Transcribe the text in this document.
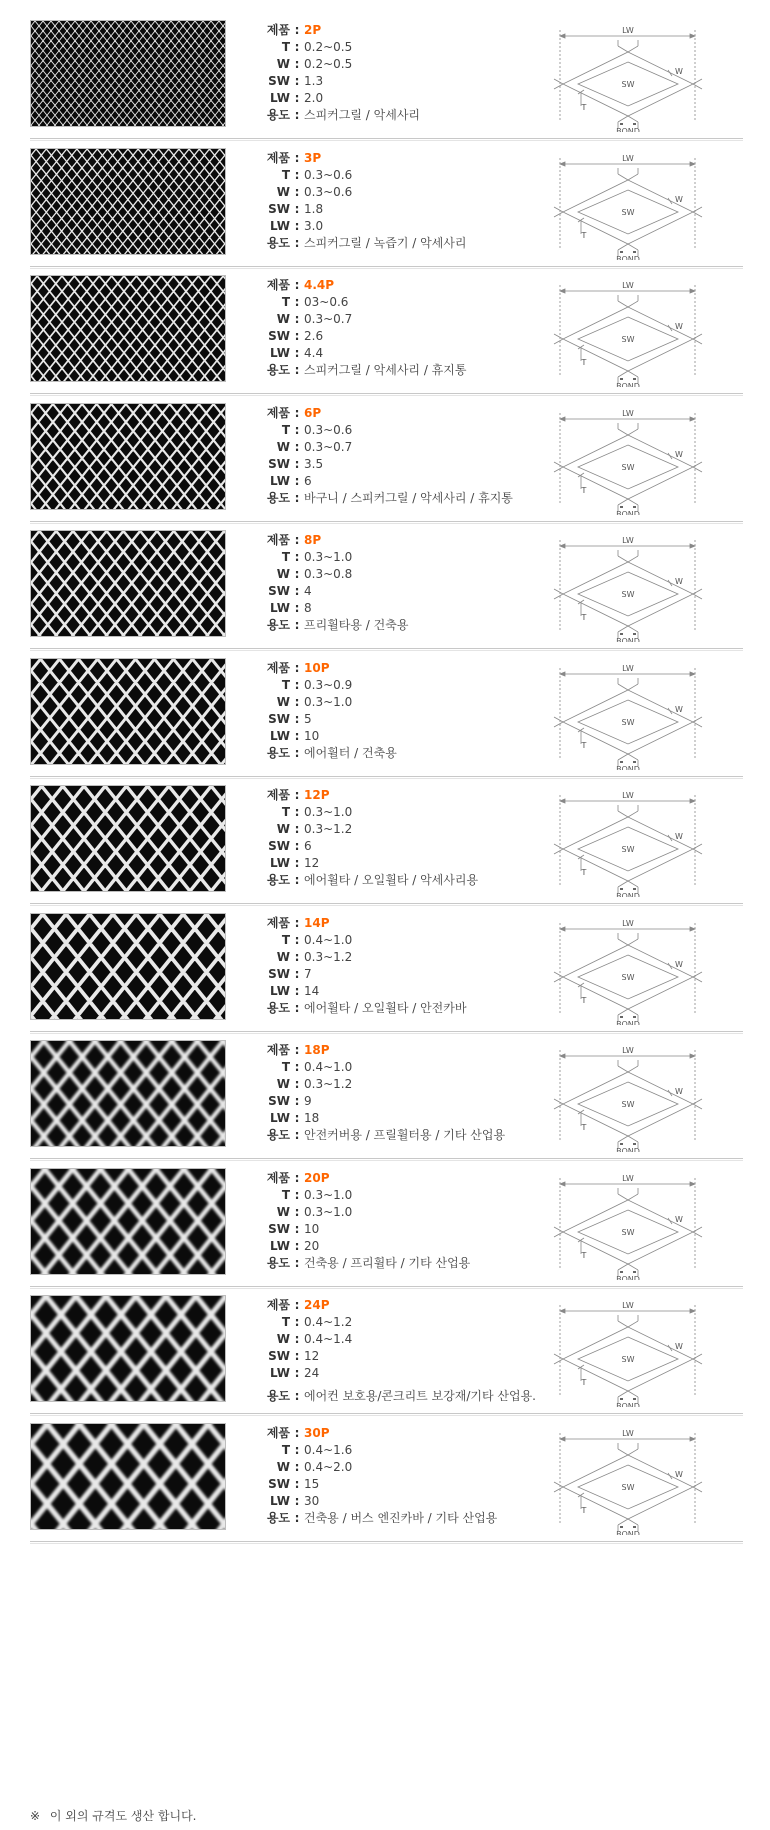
제품 : 2P
T : 0.2~0.5
W : 0.2~0.5
SW : 1.3
LW : 2.0
용도 : 스피커그릴 / 악세사리
LW
W
SW
T
BOND
제품 : 3P
T : 0.3~0.6
W : 0.3~0.6
SW : 1.8
LW : 3.0
용도 : 스피커그릴 / 녹즙기 / 악세사리
LW
W
SW
T
BOND
제품 : 4.4P
T : 03~0.6
W : 0.3~0.7
SW : 2.6
LW : 4.4
용도 : 스피커그릴 / 악세사리 / 휴지통
LW
W
SW
T
BOND
제품 : 6P
T : 0.3~0.6
W : 0.3~0.7
SW : 3.5
LW : 6
용도 : 바구니 / 스피커그릴 / 악세사리 / 휴지통
LW
W
SW
T
BOND
제품 : 8P
T : 0.3~1.0
W : 0.3~0.8
SW : 4
LW : 8
용도 : 프리휠타용 / 건축용
LW
W
SW
T
BOND
제품 : 10P
T : 0.3~0.9
W : 0.3~1.0
SW : 5
LW : 10
용도 : 에어휠터 / 건축용
LW
W
SW
T
BOND
제품 : 12P
T : 0.3~1.0
W : 0.3~1.2
SW : 6
LW : 12
용도 : 에어휠타 / 오일휠타 / 악세사리용
LW
W
SW
T
BOND
제품 : 14P
T : 0.4~1.0
W : 0.3~1.2
SW : 7
LW : 14
용도 : 에어휠타 / 오일휠타 / 안전카바
LW
W
SW
T
BOND
제품 : 18P
T : 0.4~1.0
W : 0.3~1.2
SW : 9
LW : 18
용도 : 안전커버용 / 프릴휠터용 / 기타 산업용
LW
W
SW
T
BOND
제품 : 20P
T : 0.3~1.0
W : 0.3~1.0
SW : 10
LW : 20
용도 : 건축용 / 프리휠타 / 기타 산업용
LW
W
SW
T
BOND
제품 : 24P
T : 0.4~1.2
W : 0.4~1.4
SW : 12
LW : 24
용도 : 에어컨 보호용/콘크리트 보강재/기타 산업용.
LW
W
SW
T
BOND
제품 : 30P
T : 0.4~1.6
W : 0.4~2.0
SW : 15
LW : 30
용도 : 건축용 / 버스 엔진카바 / 기타 산업용
LW
W
SW
T
BOND
※ 이 외의 규격도 생산 합니다.
